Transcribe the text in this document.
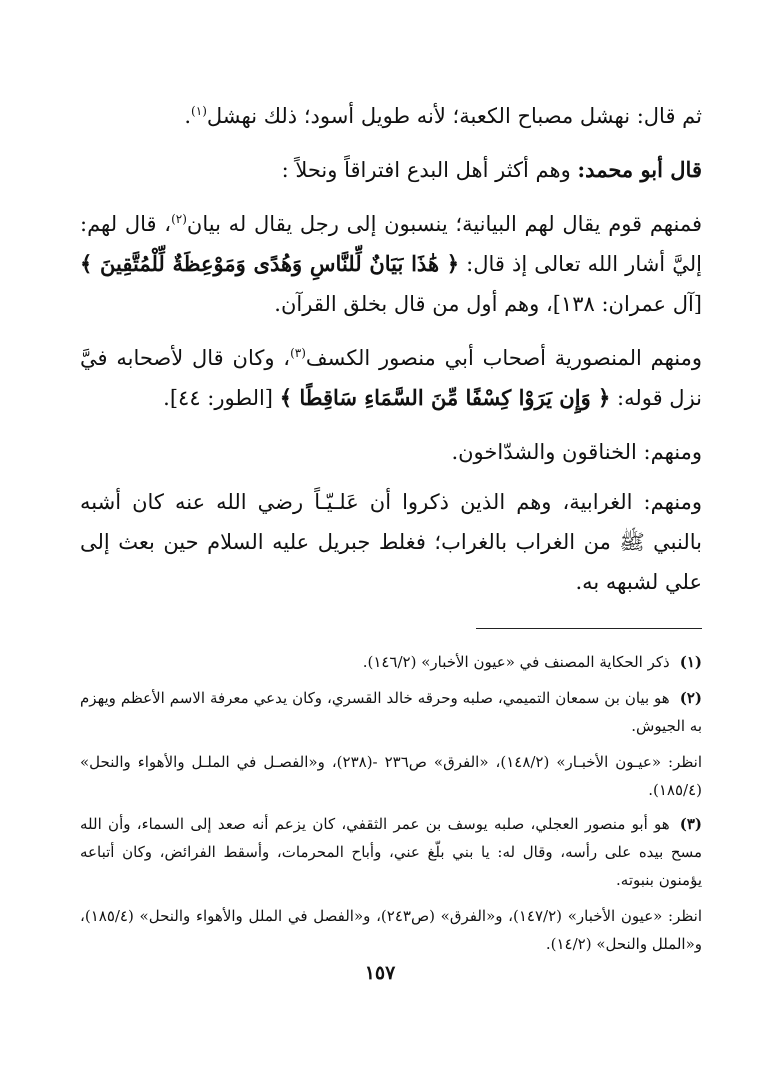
ثم قال: نهشل مصباح الكعبة؛ لأنه طويل أسود؛ ذلك نهشل$^{(١)}$.

قال أبو محمد: وهم أكثر أهل البدع افتراقاً ونحلاً :

فمنهم قوم يقال لهم البيانية؛ ينسبون إلى رجل يقال له بيان$^{(٢)}$، قال لهم: إليَّ أشار الله تعالى إذ قال: ﴿ هَٰذَا بَيَانٌ لِّلنَّاسِ وَهُدًى وَمَوْعِظَةٌ لِّلْمُتَّقِينَ ﴾ [آل عمران: ١٣٨]، وهم أول من قال بخلق القرآن.

ومنهم المنصورية أصحاب أبي منصور الكسف$^{(٣)}$، وكان قال لأصحابه فيَّ نزل قوله: ﴿ وَإِن يَرَوْا كِسْفًا مِّنَ السَّمَاءِ سَاقِطًا ﴾ [الطور: ٤٤].

ومنهم: الخناقون والشدّاخون.

ومنهم: الغرابية، وهم الذين ذكروا أن عَلـيّـاً رضي الله عنه كان أشبه بالنبي ﷺ من الغراب بالغراب؛ فغلط جبريل عليه السلام حين بعث إلى علي لشبهه به.

(١)ذكر الحكاية المصنف في «عيون الأخبار» (١٤٦/٢).

(٢)هو بيان بن سمعان التميمي، صلبه وحرقه خالد القسري، وكان يدعي معرفة الاسم الأعظم ويهزم به الجيوش.

انظر: «عيـون الأخبـار» (١٤٨/٢)، «الفرق» ص٢٣٦ -(٢٣٨)، و«الفصـل في الملـل والأهواء والنحل» (١٨٥/٤).

(٣)هو أبو منصور العجلي، صلبه يوسف بن عمر الثقفي، كان يزعم أنه صعد إلى السماء، وأن الله مسح بيده على رأسه، وقال له: يا بني بلّغ عني، وأباح المحرمات، وأسقط الفرائض، وكان أتباعه يؤمنون بنبوته.

انظر: «عيون الأخبار» (١٤٧/٢)، و«الفرق» (ص٢٤٣)، و«الفصل في الملل والأهواء والنحل» (١٨٥/٤)، و«الملل والنحل» (١٤/٢).

١٥٧
